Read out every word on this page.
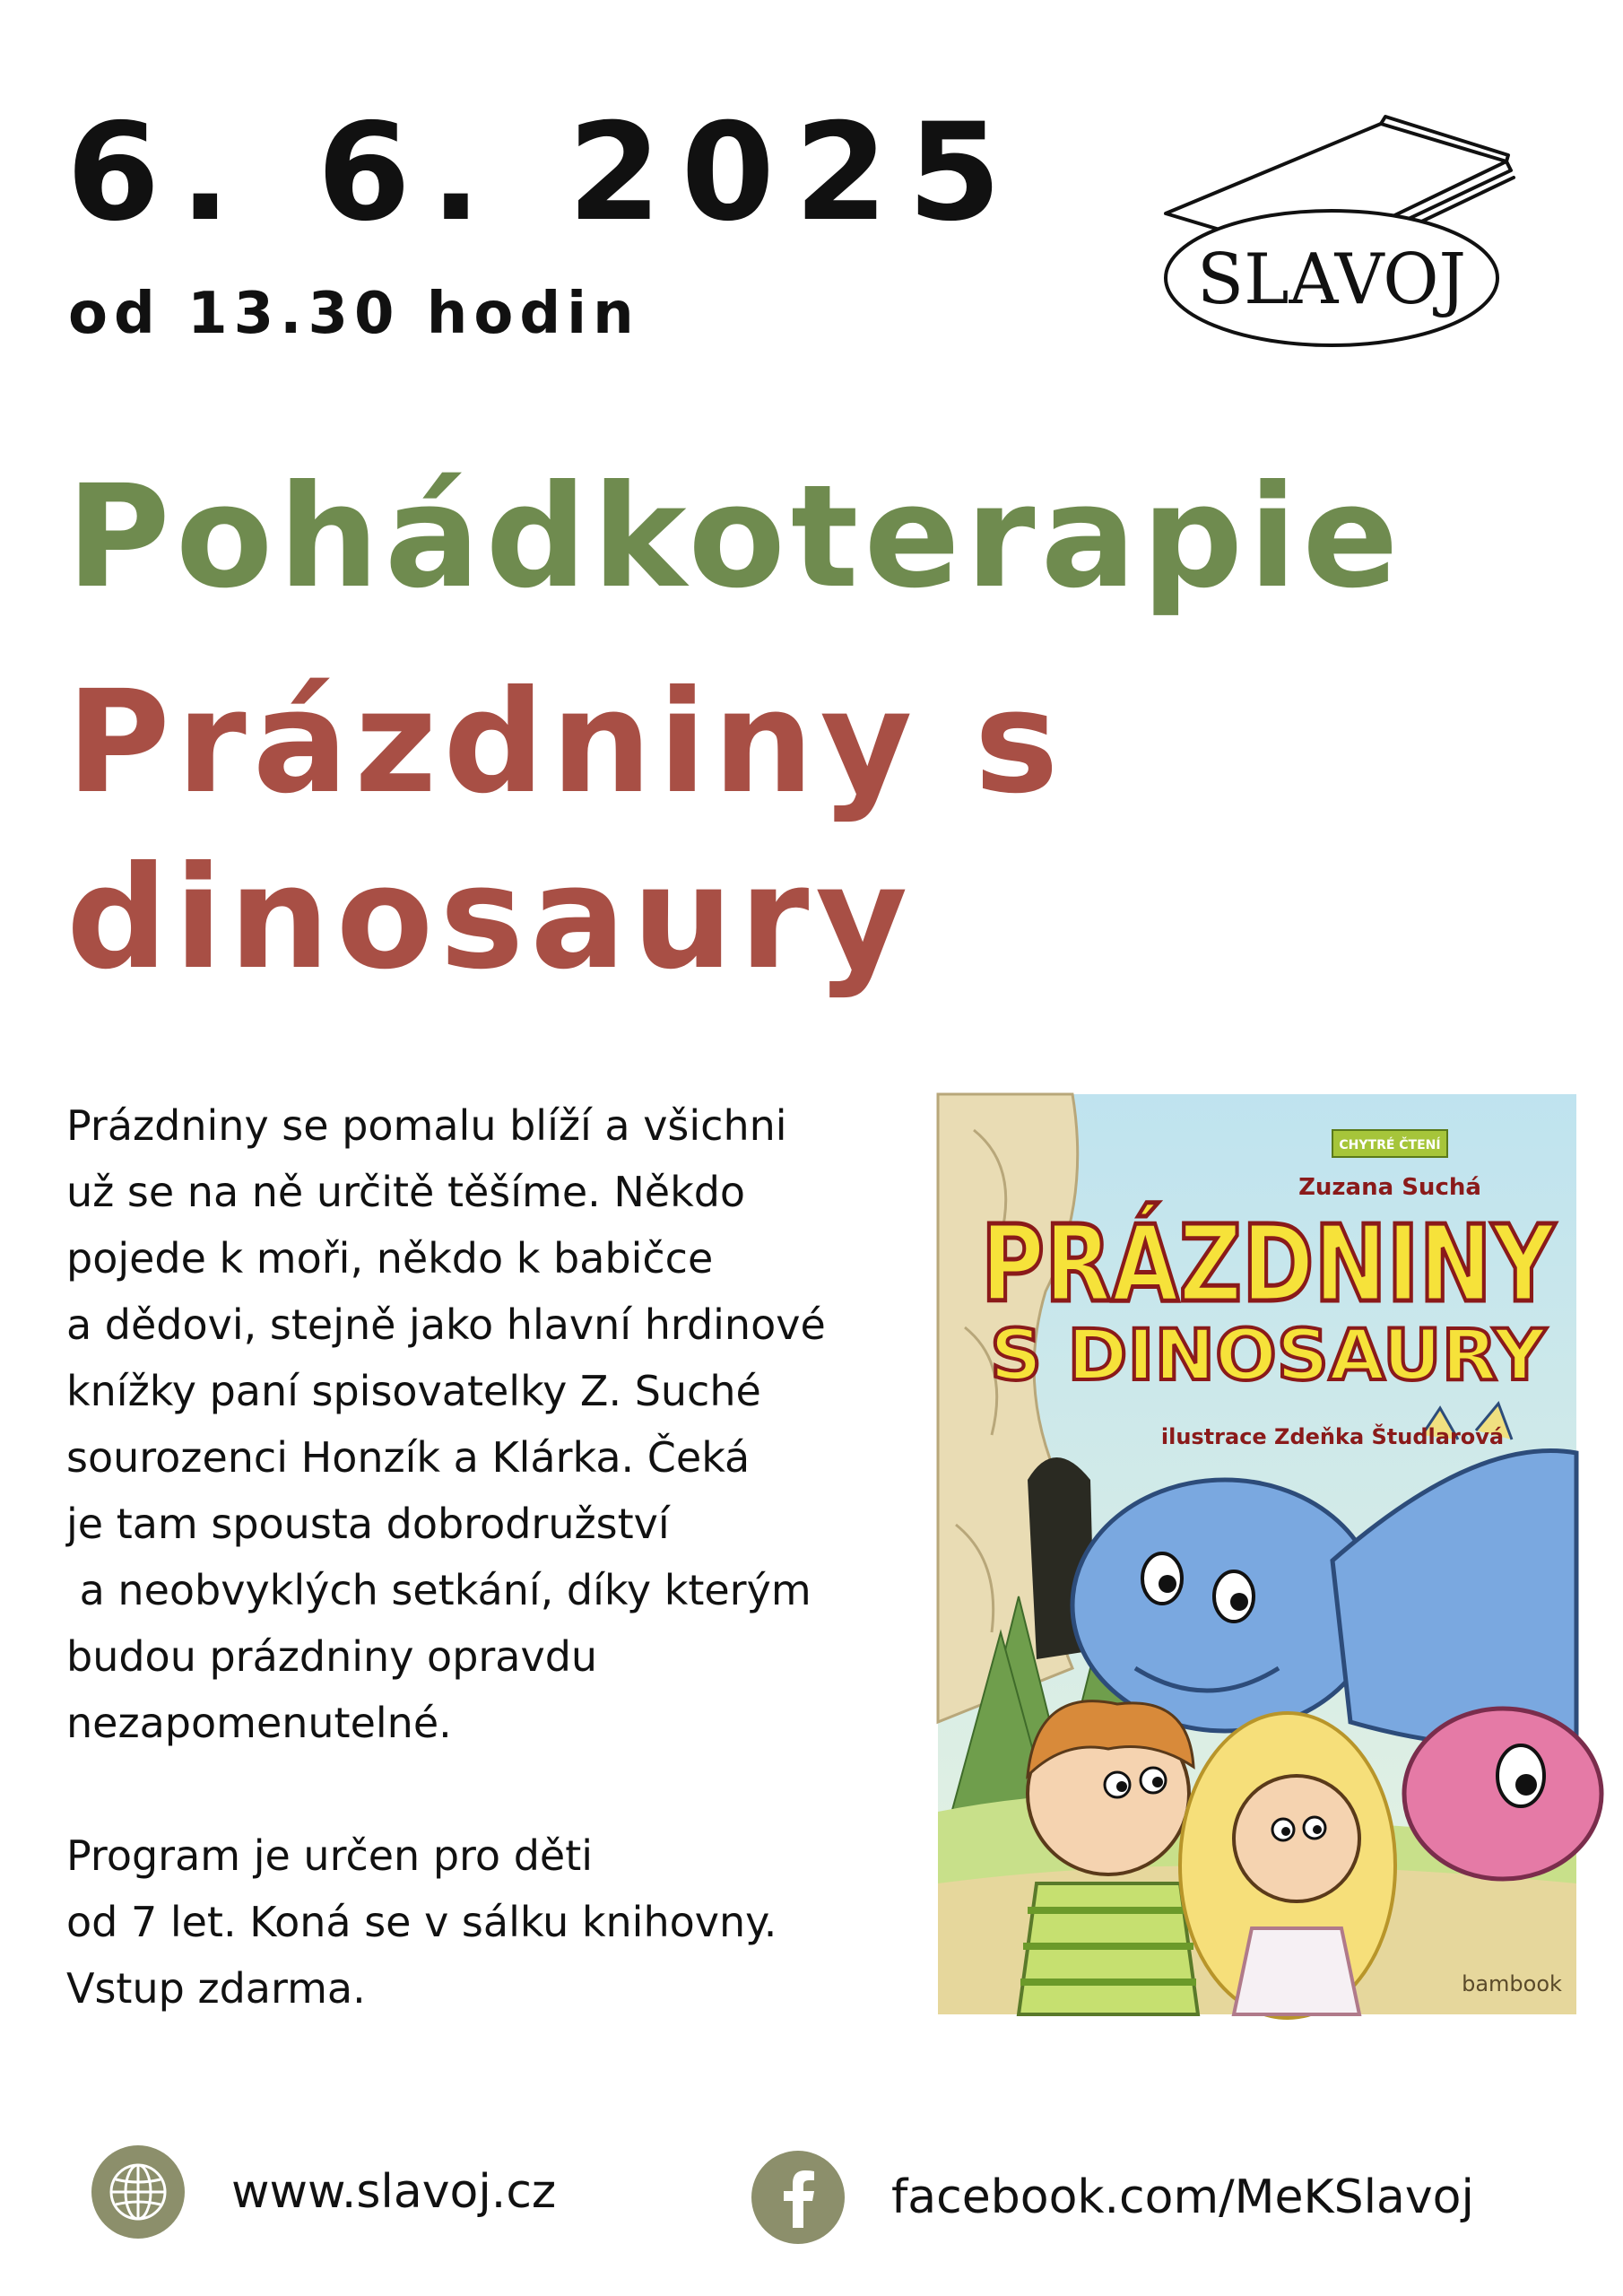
6. 6. 2025
od 13.30 hodin	SLAVOJ
Pohádkoterapie
Prázdniny s
dinosaury
Prázdniny se pomalu blíží a všichni
už se na ně určitě těšíme. Někdo
pojede k moři, někdo k babičce
a dědovi, stejně jako hlavní hrdinové
knížky paní spisovatelky Z. Suché
sourozenci Honzík a Klárka. Čeká
je tam spousta dobrodružství
a neobvyklých setkání, díky kterým
budou prázdniny opravdu
nezapomenutelné.
Program je určen pro děti
od 7 let. Koná se v sálku knihovny.
Vstup zdarma.
CHYTRÉ ČTENÍ
Zuzana Suchá
PRÁZDNINY
S DINOSAURY
ilustrace Zdeňka Študlarová
bambook
www.slavoj.cz	facebook.com/MeKSlavoj
